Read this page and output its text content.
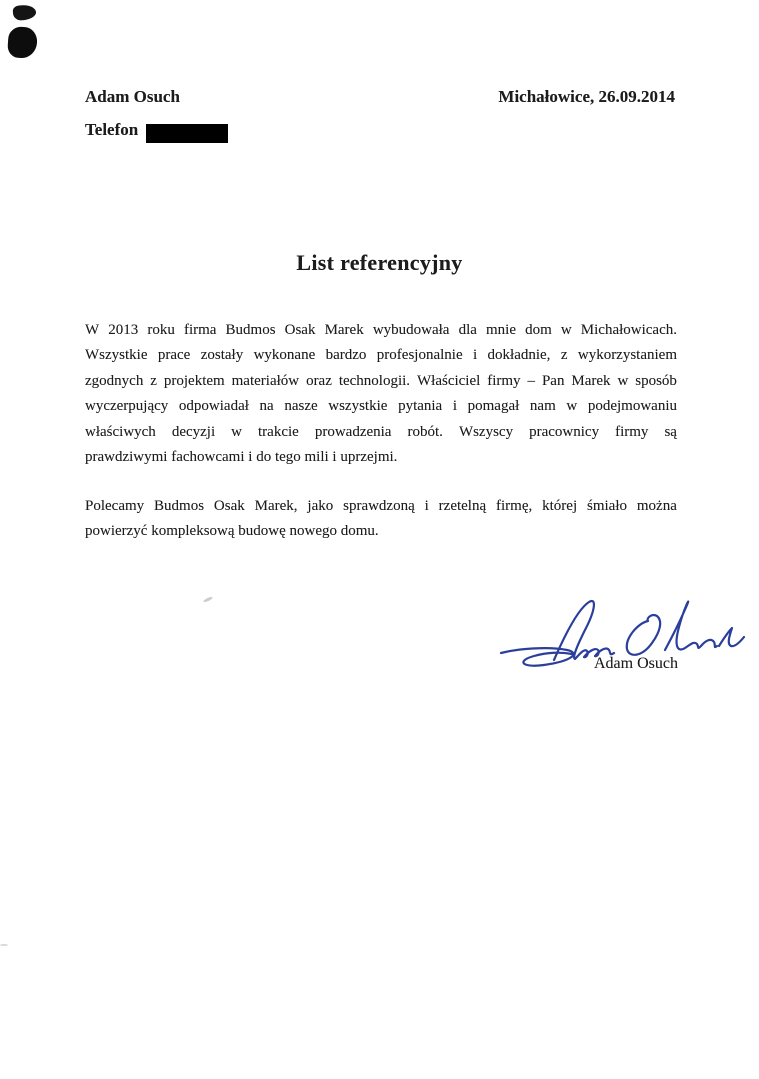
Adam Osuch	Michałowice, 26.09.2014
Telefon
List referencyjny
W 2013 roku firma Budmos Osak Marek wybudowała dla mnie dom w Michałowicach.
Wszystkie prace zostały wykonane bardzo profesjonalnie i dokładnie, z wykorzystaniem
zgodnych z projektem materiałów oraz technologii. Właściciel firmy – Pan Marek w sposób
wyczerpujący odpowiadał na nasze wszystkie pytania i pomagał nam w podejmowaniu
właściwych decyzji w trakcie prowadzenia robót. Wszyscy pracownicy firmy są
prawdziwymi fachowcami i do tego mili i uprzejmi.
Polecamy Budmos Osak Marek, jako sprawdzoną i rzetelną firmę, której śmiało można
powierzyć kompleksową budowę nowego domu.
Adam Osuch
